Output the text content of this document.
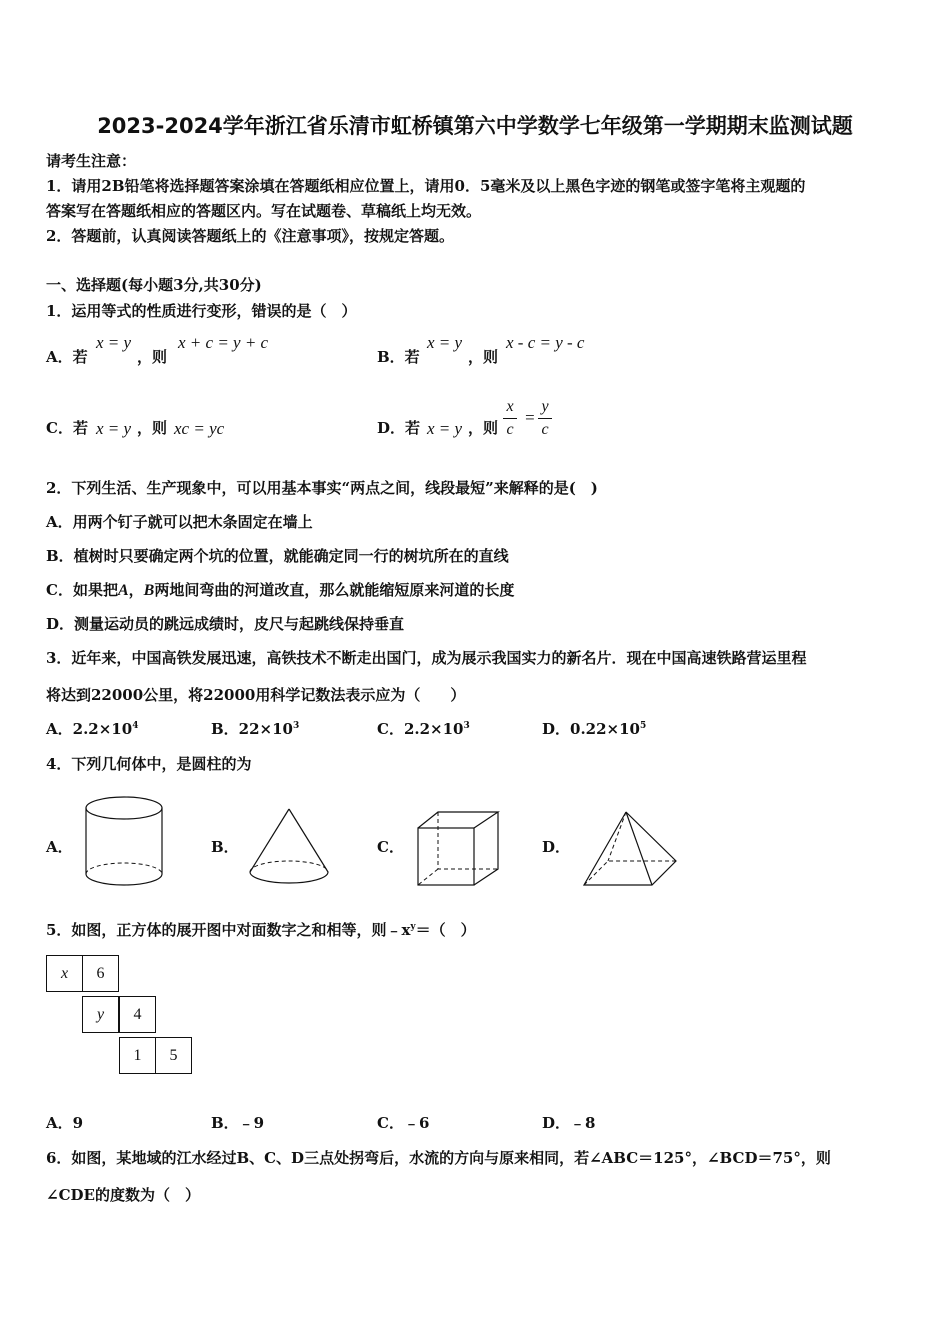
2023-2024学年浙江省乐清市虹桥镇第六中学数学七年级第一学期期末监测试题
请考生注意：
1．请用2B铅笔将选择题答案涂填在答题纸相应位置上，请用0．5毫米及以上黑色字迹的钢笔或签字笔将主观题的
答案写在答题纸相应的答题区内。写在试题卷、草稿纸上均无效。
2．答题前，认真阅读答题纸上的《注意事项》，按规定答题。
一、选择题(每小题3分,共30分)
1．运用等式的性质进行变形，错误的是（　）
A．若
x = y
，则
x + c = y + c
B．若
x = y
，则
x - c = y - c
C．若 x = y ，则 xc = yc	D．若 x = y ，则
x
c
=
y
c
2．下列生活、生产现象中，可以用基本事实“两点之间，线段最短”来解释的是(　)
A．用两个钉子就可以把木条固定在墙上
B．植树时只要确定两个坑的位置，就能确定同一行的树坑所在的直线
C．如果把A，B两地间弯曲的河道改直，那么就能缩短原来河道的长度
D．测量运动员的跳远成绩时，皮尺与起跳线保持垂直
3．近年来，中国高铁发展迅速，高铁技术不断走出国门，成为展示我国实力的新名片．现在中国高速铁路营运里程
将达到22000公里，将22000用科学记数法表示应为（　　）
A．$2.2\times 10^4$	B．$22\times 10^3$	C．$2.2\times 10^3$	D．$0.22\times 10^5$
4．下列几何体中，是圆柱的为
A．	B．	C．	D．
5．如图，正方体的展开图中对面数字之和相等，则$﹣x^y=$（　）
x	6
y	4
1	5
A．9	B．﹣9	C．﹣6	D．﹣8
6．如图，某地域的江水经过B、C、D三点处拐弯后，水流的方向与原来相同，若∠ABC＝125°，∠BCD＝75°，则
∠CDE的度数为（　）
